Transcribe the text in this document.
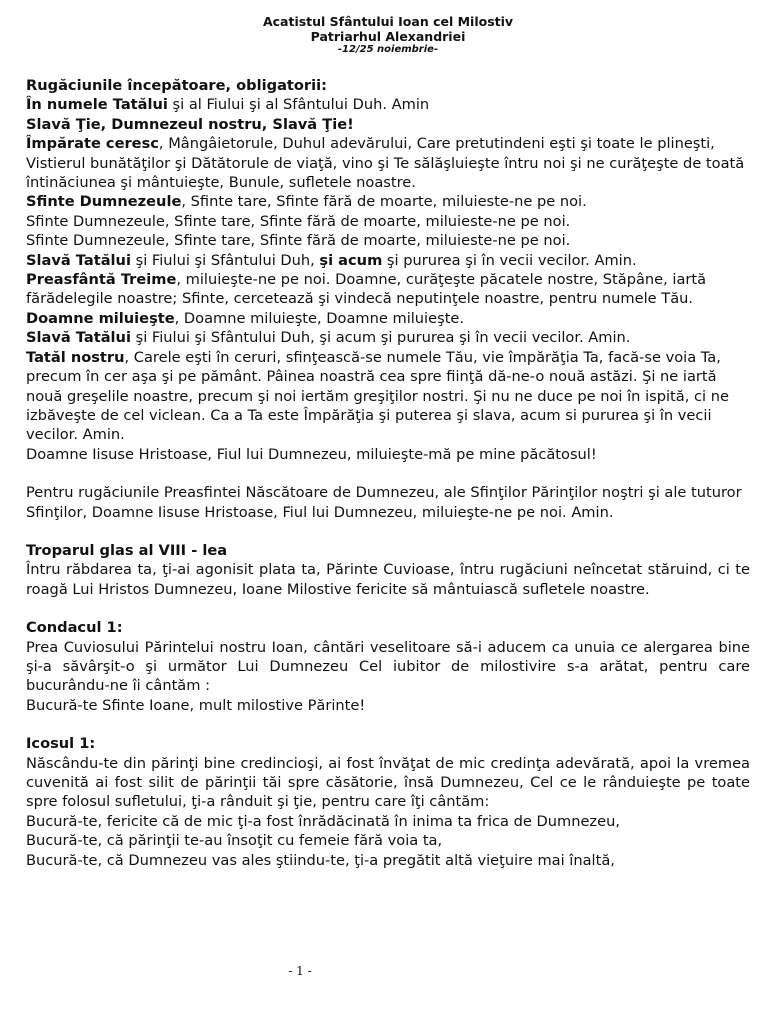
Acatistul Sfântului Ioan cel Milostiv
Patriarhul Alexandriei
-12/25 noiembrie-

Rugăciunile începătoare, obligatorii:

În numele Tatălui şi al Fiului şi al Sfântului Duh. Amin

Slavă Ţie, Dumnezeul nostru, Slavă Ţie!

Împărate ceresc, Mângâietorule, Duhul adevărului, Care pretutindeni eşti şi toate le plineşti, Vistierul bunătăţilor şi Dătătorule de viaţă, vino şi Te sălăşluieşte întru noi şi ne curăţeşte de toată întinăciunea şi mântuieşte, Bunule, sufletele noastre.

Sfinte Dumnezeule, Sfinte tare, Sfinte fără de moarte, miluieste-ne pe noi.

Sfinte Dumnezeule, Sfinte tare, Sfinte fără de moarte, miluieste-ne pe noi.

Sfinte Dumnezeule, Sfinte tare, Sfinte fără de moarte, miluieste-ne pe noi.

Slavă Tatălui şi Fiului şi Sfântului Duh, şi acum şi pururea şi în vecii vecilor. Amin.

Preasfântă Treime, miluieşte-ne pe noi. Doamne, curăţeşte păcatele nostre, Stăpâne, iartă fărădelegile noastre; Sfinte, cercetează şi vindecă neputinţele noastre, pentru numele Tău.

Doamne miluieşte, Doamne miluieşte, Doamne miluieşte.

Slavă Tatălui şi Fiului şi Sfântului Duh, şi acum şi pururea şi în vecii vecilor. Amin.

Tatăl nostru, Carele eşti în ceruri, sfinţească-se numele Tău, vie împărăţia Ta, facă-se voia Ta, precum în cer aşa şi pe pământ. Pâinea noastră cea spre fiinţă dă-ne-o nouă astăzi. Şi ne iartă nouă greşelile noastre, precum şi noi iertăm greşiţilor nostri. Şi nu ne duce pe noi în ispită, ci ne izbăveşte de cel viclean. Ca a Ta este Împărăţia şi puterea şi slava, acum si pururea şi în vecii vecilor. Amin.

Doamne Iisuse Hristoase, Fiul lui Dumnezeu, miluieşte-mă pe mine păcătosul!

Pentru rugăciunile Preasfintei Născătoare de Dumnezeu, ale Sfinţilor Părinţilor noştri şi ale tuturor Sfinţilor, Doamne Iisuse Hristoase, Fiul lui Dumnezeu, miluieşte-ne pe noi. Amin.

Troparul glas al VIII - lea

Întru răbdarea ta, ţi-ai agonisit plata ta, Părinte Cuvioase, întru rugăciuni neîncetat stăruind, ci te roagă Lui Hristos Dumnezeu, Ioane Milostive fericite să mântuiască sufletele noastre.

Condacul 1:

Prea Cuviosului Părintelui nostru Ioan, cântări veselitoare să-i aducem ca unuia ce alergarea bine şi-a săvârşit-o şi următor Lui Dumnezeu Cel iubitor de milostivire s-a arătat, pentru care bucurându-ne îi cântăm :

Bucură-te Sfinte Ioane, mult milostive Părinte!

Icosul 1:

Născându-te din părinţi bine credincioşi, ai fost învăţat de mic credinţa adevărată, apoi la vremea cuvenită ai fost silit de părinţii tăi spre căsătorie, însă Dumnezeu, Cel ce le rânduieşte pe toate spre folosul sufletului, ţi-a rânduit şi ţie, pentru care îţi cântăm:

Bucură-te, fericite că de mic ţi-a fost înrădăcinată în inima ta frica de Dumnezeu,

Bucură-te, că părinţii te-au însoţit cu femeie fără voia ta,

Bucură-te, că Dumnezeu vas ales ştiindu-te, ţi-a pregătit altă vieţuire mai înaltă,

- 1 -
